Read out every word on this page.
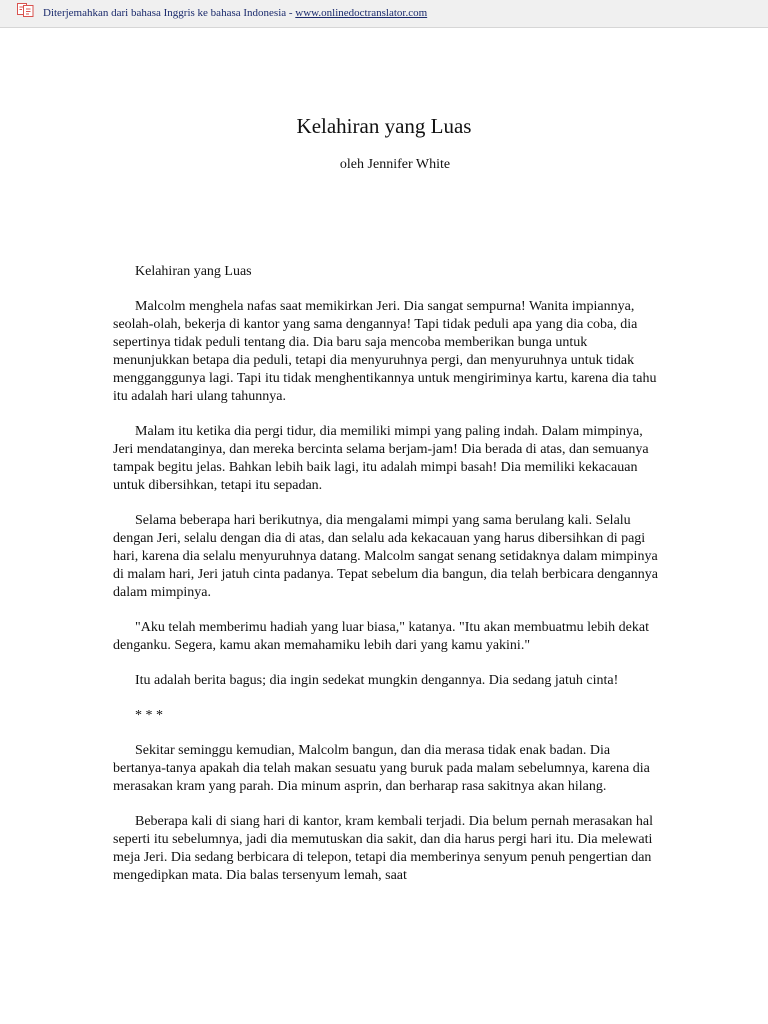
Diterjemahkan dari bahasa Inggris ke bahasa Indonesia - www.onlinedoctranslator.com
Kelahiran yang Luas
oleh Jennifer White

Kelahiran yang Luas

Malcolm menghela nafas saat memikirkan Jeri. Dia sangat sempurna! Wanita impiannya, seolah-olah, bekerja di kantor yang sama dengannya! Tapi tidak peduli apa yang dia coba, dia sepertinya tidak peduli tentang dia. Dia baru saja mencoba memberikan bunga untuk menunjukkan betapa dia peduli, tetapi dia menyuruhnya pergi, dan menyuruhnya untuk tidak mengganggunya lagi. Tapi itu tidak menghentikannya untuk mengiriminya kartu, karena dia tahu itu adalah hari ulang tahunnya.

Malam itu ketika dia pergi tidur, dia memiliki mimpi yang paling indah. Dalam mimpinya, Jeri mendatanginya, dan mereka bercinta selama berjam-jam! Dia berada di atas, dan semuanya tampak begitu jelas. Bahkan lebih baik lagi, itu adalah mimpi basah! Dia memiliki kekacauan untuk dibersihkan, tetapi itu sepadan.

Selama beberapa hari berikutnya, dia mengalami mimpi yang sama berulang kali. Selalu dengan Jeri, selalu dengan dia di atas, dan selalu ada kekacauan yang harus dibersihkan di pagi hari, karena dia selalu menyuruhnya datang. Malcolm sangat senang setidaknya dalam mimpinya di malam hari, Jeri jatuh cinta padanya. Tepat sebelum dia bangun, dia telah berbicara dengannya dalam mimpinya.

"Aku telah memberimu hadiah yang luar biasa," katanya. "Itu akan membuatmu lebih dekat denganku. Segera, kamu akan memahamiku lebih dari yang kamu yakini."

Itu adalah berita bagus; dia ingin sedekat mungkin dengannya. Dia sedang jatuh cinta!

* * *

Sekitar seminggu kemudian, Malcolm bangun, dan dia merasa tidak enak badan. Dia bertanya-tanya apakah dia telah makan sesuatu yang buruk pada malam sebelumnya, karena dia merasakan kram yang parah. Dia minum asprin, dan berharap rasa sakitnya akan hilang.

Beberapa kali di siang hari di kantor, kram kembali terjadi. Dia belum pernah merasakan hal seperti itu sebelumnya, jadi dia memutuskan dia sakit, dan dia harus pergi hari itu. Dia melewati meja Jeri. Dia sedang berbicara di telepon, tetapi dia memberinya senyum penuh pengertian dan mengedipkan mata. Dia balas tersenyum lemah, saat
